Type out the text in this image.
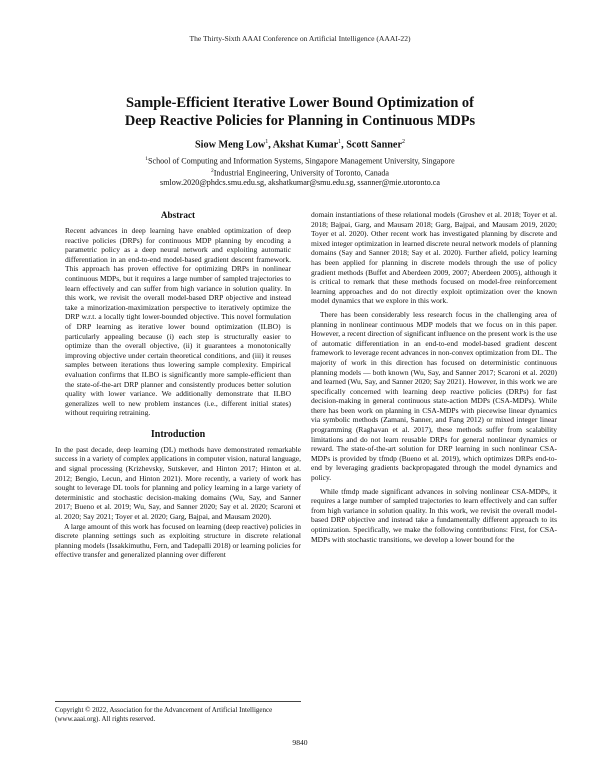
The Thirty-Sixth AAAI Conference on Artificial Intelligence (AAAI-22)
Sample-Efficient Iterative Lower Bound Optimization of
Deep Reactive Policies for Planning in Continuous MDPs
Siow Meng Low$^1$, Akshat Kumar$^1$, Scott Sanner$^2$
$^1$School of Computing and Information Systems, Singapore Management University, Singapore
$^2$Industrial Engineering, University of Toronto, Canada
smlow.2020@phdcs.smu.edu.sg, akshatkumar@smu.edu.sg, ssanner@mie.utoronto.ca
Abstract

Recent advances in deep learning have enabled optimization of deep reactive policies (DRPs) for continuous MDP planning by encoding a parametric policy as a deep neural network and exploiting automatic differentiation in an end-to-end model-based gradient descent framework. This approach has proven effective for optimizing DRPs in nonlinear continuous MDPs, but it requires a large number of sampled trajectories to learn effectively and can suffer from high variance in solution quality. In this work, we revisit the overall model-based DRP objective and instead take a minorization-maximization perspective to iteratively optimize the DRP w.r.t. a locally tight lower-bounded objective. This novel formulation of DRP learning as iterative lower bound optimization (ILBO) is particularly appealing because (i) each step is structurally easier to optimize than the overall objective, (ii) it guarantees a monotonically improving objective under certain theoretical conditions, and (iii) it reuses samples between iterations thus lowering sample complexity. Empirical evaluation confirms that ILBO is significantly more sample-efficient than the state-of-the-art DRP planner and consistently produces better solution quality with lower variance. We additionally demonstrate that ILBO generalizes well to new problem instances (i.e., different initial states) without requiring retraining.

Introduction

In the past decade, deep learning (DL) methods have demonstrated remarkable success in a variety of complex applications in computer vision, natural language, and signal processing (Krizhevsky, Sutskever, and Hinton 2017; Hinton et al. 2012; Bengio, Lecun, and Hinton 2021). More recently, a variety of work has sought to leverage DL tools for planning and policy learning in a large variety of deterministic and stochastic decision-making domains (Wu, Say, and Sanner 2017; Bueno et al. 2019; Wu, Say, and Sanner 2020; Say et al. 2020; Scaroni et al. 2020; Say 2021; Toyer et al. 2020; Garg, Bajpai, and Mausam 2020).

A large amount of this work has focused on learning (deep reactive) policies in discrete planning settings such as exploiting structure in discrete relational planning models (Issakkimuthu, Fern, and Tadepalli 2018) or learning policies for effective transfer and generalized planning over different

domain instantiations of these relational models (Groshev et al. 2018; Toyer et al. 2018; Bajpai, Garg, and Mausam 2018; Garg, Bajpai, and Mausam 2019, 2020; Toyer et al. 2020). Other recent work has investigated planning by discrete and mixed integer optimization in learned discrete neural network models of planning domains (Say and Sanner 2018; Say et al. 2020). Further afield, policy learning has been applied for planning in discrete models through the use of policy gradient methods (Buffet and Aberdeen 2009, 2007; Aberdeen 2005), although it is critical to remark that these methods focused on model-free reinforcement learning approaches and do not directly exploit optimization over the known model dynamics that we explore in this work.

There has been considerably less research focus in the challenging area of planning in nonlinear continuous MDP models that we focus on in this paper. However, a recent direction of significant influence on the present work is the use of automatic differentiation in an end-to-end model-based gradient descent framework to leverage recent advances in non-convex optimization from DL. The majority of work in this direction has focused on deterministic continuous planning models — both known (Wu, Say, and Sanner 2017; Scaroni et al. 2020) and learned (Wu, Say, and Sanner 2020; Say 2021). However, in this work we are specifically concerned with learning deep reactive policies (DRPs) for fast decision-making in general continuous state-action MDPs (CSA-MDPs). While there has been work on planning in CSA-MDPs with piecewise linear dynamics via symbolic methods (Zamani, Sanner, and Fang 2012) or mixed integer linear programming (Raghavan et al. 2017), these methods suffer from scalability limitations and do not learn reusable DRPs for general nonlinear dynamics or reward. The state-of-the-art solution for DRP learning in such nonlinear CSA-MDPs is provided by tfmdp (Bueno et al. 2019), which optimizes DRPs end-to-end by leveraging gradients backpropagated through the model dynamics and policy.

While tfmdp made significant advances in solving nonlinear CSA-MDPs, it requires a large number of sampled trajectories to learn effectively and can suffer from high variance in solution quality. In this work, we revisit the overall model-based DRP objective and instead take a fundamentally different approach to its optimization. Specifically, we make the following contributions: First, for CSA-MDPs with stochastic transitions, we develop a lower bound for the

Copyright © 2022, Association for the Advancement of Artificial Intelligence (www.aaai.org). All rights reserved.
9840
